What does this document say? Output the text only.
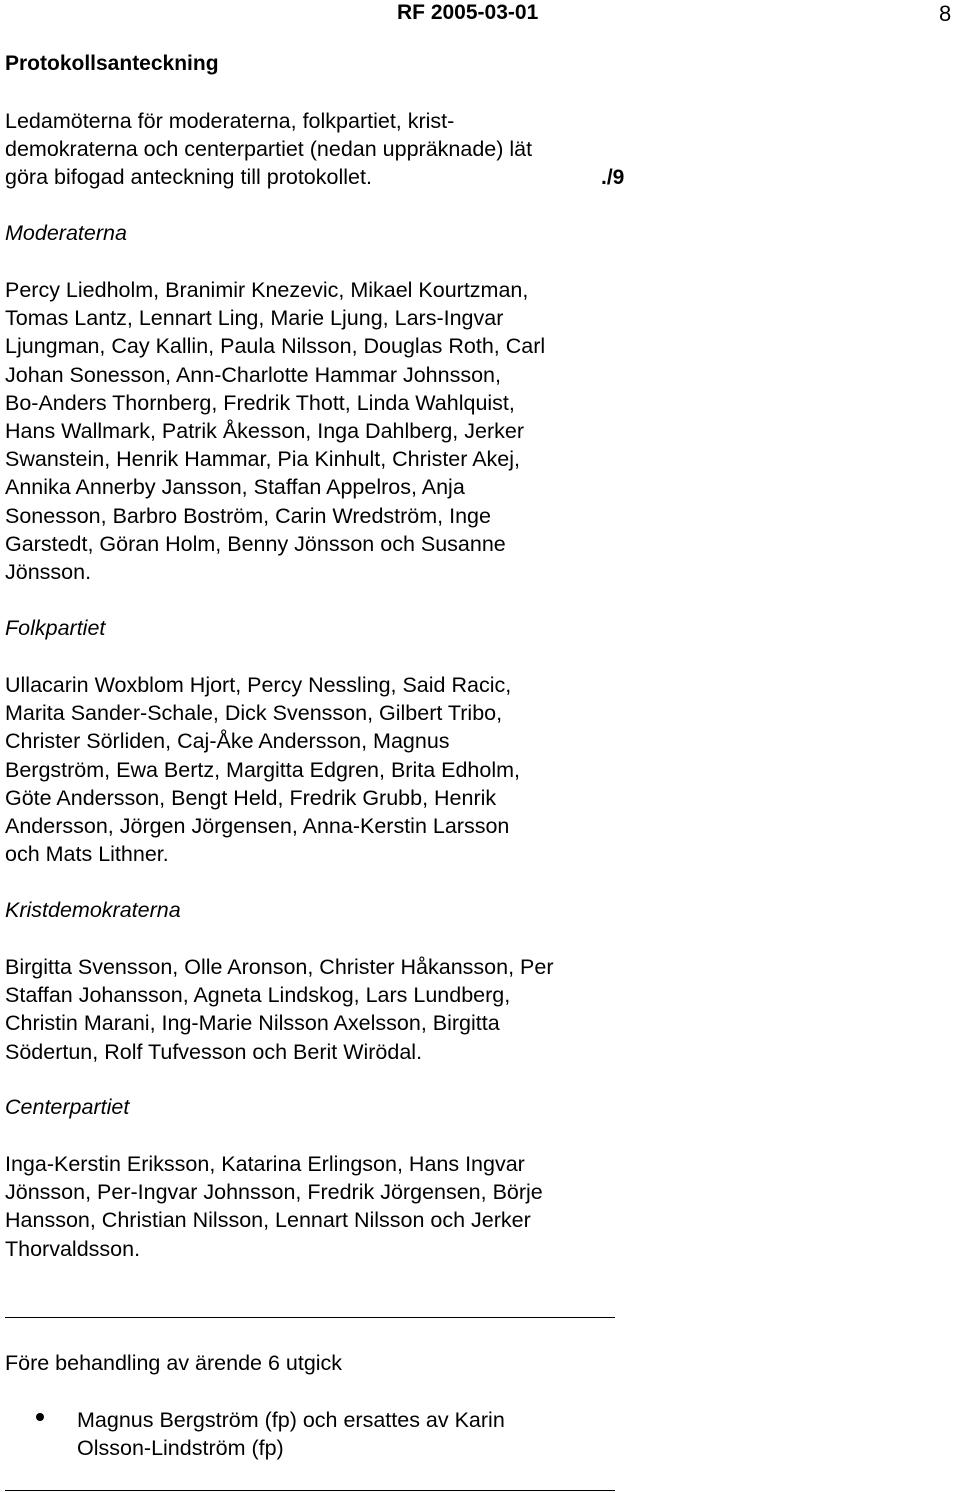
RF 2005-03-01	8
Protokollsanteckning
Ledamöterna för moderaterna, folkpartiet, krist-
demokraterna och centerpartiet (nedan uppräknade) lät
göra bifogad anteckning till protokollet.	./9
Moderaterna
Percy Liedholm, Branimir Knezevic, Mikael Kourtzman,
Tomas Lantz, Lennart Ling, Marie Ljung, Lars-Ingvar
Ljungman, Cay Kallin, Paula Nilsson, Douglas Roth, Carl
Johan Sonesson, Ann-Charlotte Hammar Johnsson,
Bo-Anders Thornberg, Fredrik Thott, Linda Wahlquist,
Hans Wallmark, Patrik Åkesson, Inga Dahlberg, Jerker
Swanstein, Henrik Hammar, Pia Kinhult, Christer Akej,
Annika Annerby Jansson, Staffan Appelros, Anja
Sonesson, Barbro Boström, Carin Wredström, Inge
Garstedt, Göran Holm, Benny Jönsson och Susanne
Jönsson.
Folkpartiet
Ullacarin Woxblom Hjort, Percy Nessling, Said Racic,
Marita Sander-Schale, Dick Svensson, Gilbert Tribo,
Christer Sörliden, Caj-Åke Andersson, Magnus
Bergström, Ewa Bertz, Margitta Edgren, Brita Edholm,
Göte Andersson, Bengt Held, Fredrik Grubb, Henrik
Andersson, Jörgen Jörgensen, Anna-Kerstin Larsson
och Mats Lithner.
Kristdemokraterna
Birgitta Svensson, Olle Aronson, Christer Håkansson, Per
Staffan Johansson, Agneta Lindskog, Lars Lundberg,
Christin Marani, Ing-Marie Nilsson Axelsson, Birgitta
Södertun, Rolf Tufvesson och Berit Wirödal.
Centerpartiet
Inga-Kerstin Eriksson, Katarina Erlingson, Hans Ingvar
Jönsson, Per-Ingvar Johnsson, Fredrik Jörgensen, Börje
Hansson, Christian Nilsson, Lennart Nilsson och Jerker
Thorvaldsson.
Före behandling av ärende 6 utgick
Magnus Bergström (fp) och ersattes av Karin
Olsson-Lindström (fp)
